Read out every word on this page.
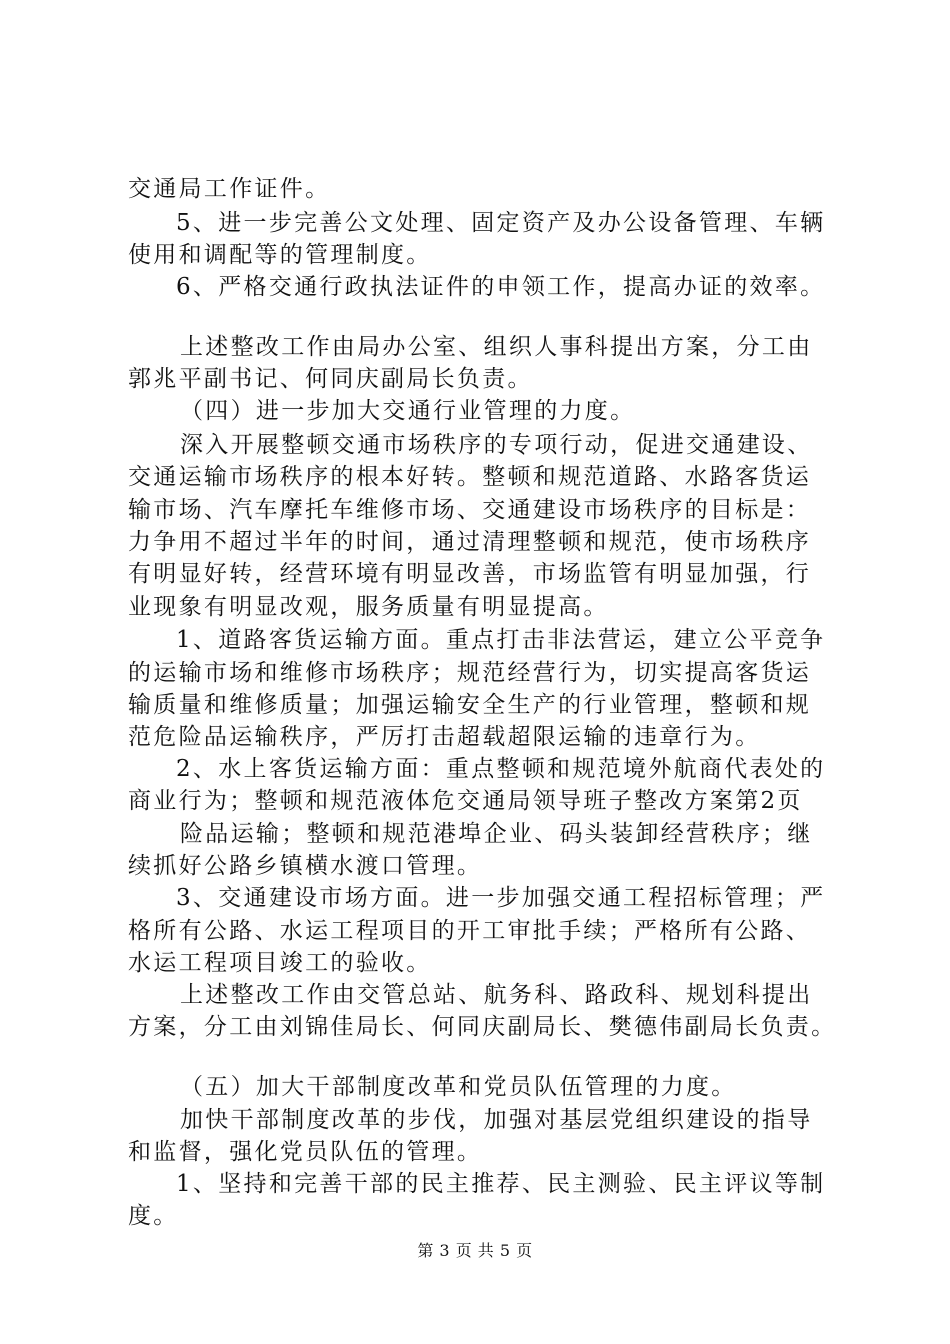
交通局工作证件。
5、进一步完善公文处理、固定资产及办公设备管理、车辆
使用和调配等的管理制度。
6、严格交通行政执法证件的申领工作，提高办证的效率。
上述整改工作由局办公室、组织人事科提出方案，分工由
郭兆平副书记、何同庆副局长负责。
（四）进一步加大交通行业管理的力度。
深入开展整顿交通市场秩序的专项行动，促进交通建设、
交通运输市场秩序的根本好转。整顿和规范道路、水路客货运
输市场、汽车摩托车维修市场、交通建设市场秩序的目标是：
力争用不超过半年的时间，通过清理整顿和规范，使市场秩序
有明显好转，经营环境有明显改善，市场监管有明显加强，行
业现象有明显改观，服务质量有明显提高。
1、道路客货运输方面。重点打击非法营运，建立公平竞争
的运输市场和维修市场秩序；规范经营行为，切实提高客货运
输质量和维修质量；加强运输安全生产的行业管理，整顿和规
范危险品运输秩序，严厉打击超载超限运输的违章行为。
2、水上客货运输方面：重点整顿和规范境外航商代表处的
商业行为；整顿和规范液体危交通局领导班子整改方案第2页
险品运输；整顿和规范港埠企业、码头装卸经营秩序；继
续抓好公路乡镇横水渡口管理。
3、交通建设市场方面。进一步加强交通工程招标管理；严
格所有公路、水运工程项目的开工审批手续；严格所有公路、
水运工程项目竣工的验收。
上述整改工作由交管总站、航务科、路政科、规划科提出
方案，分工由刘锦佳局长、何同庆副局长、樊德伟副局长负责。
（五）加大干部制度改革和党员队伍管理的力度。
加快干部制度改革的步伐，加强对基层党组织建设的指导
和监督，强化党员队伍的管理。
1、坚持和完善干部的民主推荐、民主测验、民主评议等制
度。
第 3 页 共 5 页
